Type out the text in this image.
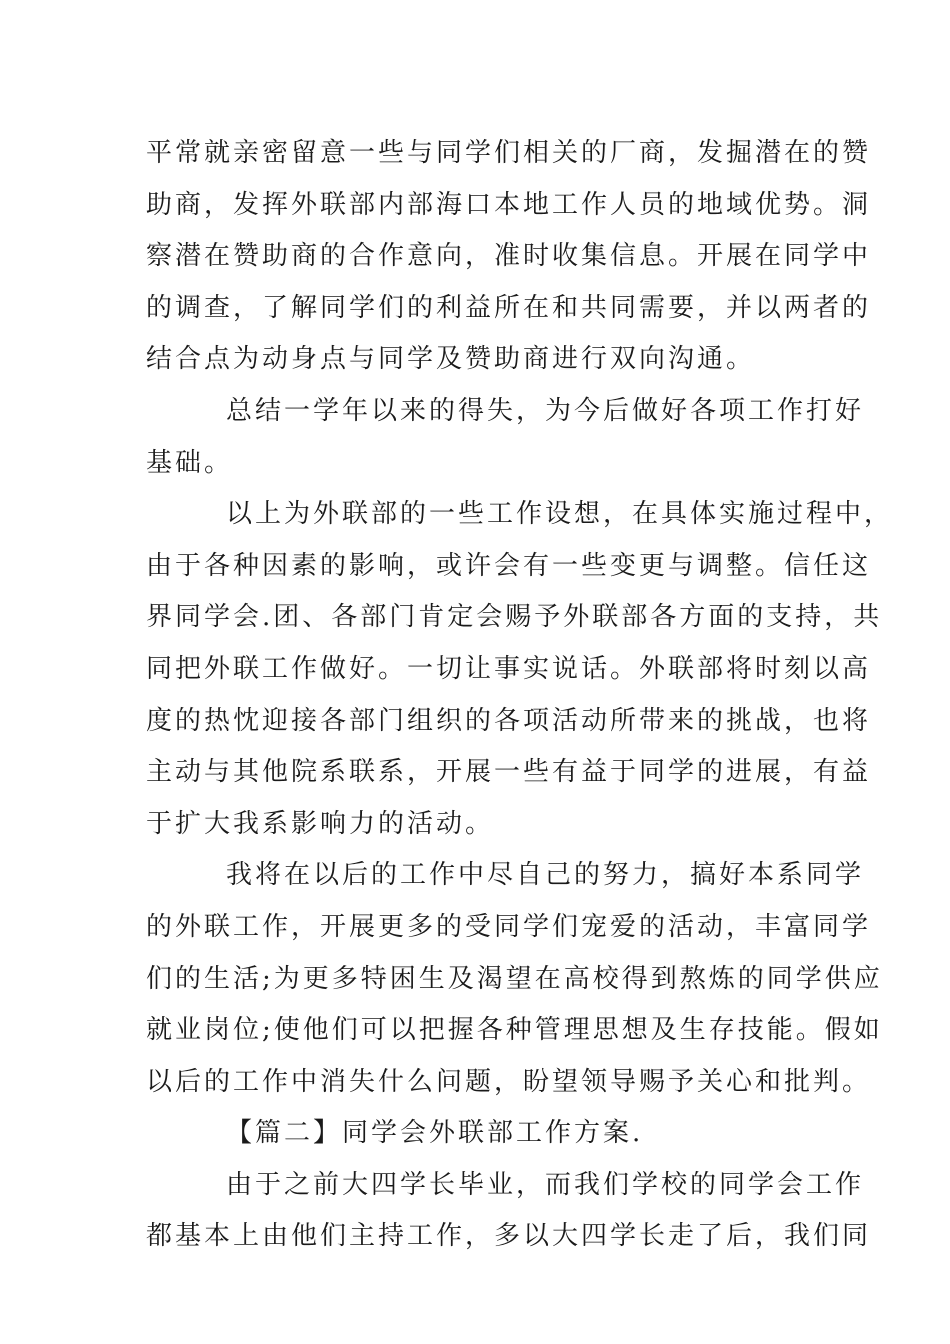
平常就亲密留意一些与同学们相关的厂商，发掘潜在的赞
助商，发挥外联部内部海口本地工作人员的地域优势。洞
察潜在赞助商的合作意向，准时收集信息。开展在同学中
的调查，了解同学们的利益所在和共同需要，并以两者的
结合点为动身点与同学及赞助商进行双向沟通。
总结一学年以来的得失，为今后做好各项工作打好
基础。
以上为外联部的一些工作设想，在具体实施过程中，
由于各种因素的影响，或许会有一些变更与调整。信任这
界同学会.团、各部门肯定会赐予外联部各方面的支持，共
同把外联工作做好。一切让事实说话。外联部将时刻以高
度的热忱迎接各部门组织的各项活动所带来的挑战，也将
主动与其他院系联系，开展一些有益于同学的进展，有益
于扩大我系影响力的活动。
我将在以后的工作中尽自己的努力，搞好本系同学
的外联工作，开展更多的受同学们宠爱的活动，丰富同学
们的生活;为更多特困生及渴望在高校得到熬炼的同学供应
就业岗位;使他们可以把握各种管理思想及生存技能。假如
以后的工作中消失什么问题，盼望领导赐予关心和批判。
【篇二】同学会外联部工作方案.
由于之前大四学长毕业，而我们学校的同学会工作
都基本上由他们主持工作，多以大四学长走了后，我们同
